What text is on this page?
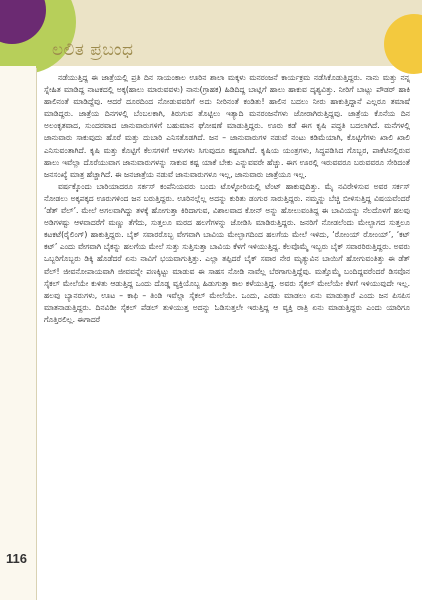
ಲಲಿತ ಪ್ರಬಂಧ
116

ನಡೆಯುತ್ತಿದ್ದ ಈ ಜಾತ್ರೆಯಲ್ಲಿ ಪ್ರತಿ ದಿನ ಸಾಯಂಕಾಲ ಊರಿನ ಶಾಲಾ ಮಕ್ಕಳು ಮನರಂಜನೆ ಕಾರ್ಯಕ್ರಮ ನಡೆಸಿಕೊಡುತ್ತಿದ್ದರು. ನಾನು ಮತ್ತು ನನ್ನ ಸ್ನೇಹಿತ ಮಾಡಿದ್ದ ನಾಟಕದಲ್ಲಿ ಅಕ್ಕ(ಹಾಲು ಮಾರುವವಳು) ನಾನು(ಗ್ರಾಹಕ) ಹಿಡಿದಿದ್ದ ಬಾಟ್ಲಿಗೆ ಹಾಲು ಹಾಕುವ ದೃಶ್ಯವಿತ್ತು. ನೀರಿಗೆ ಬಾಟ್ಲು ಪೌಡರ್ ಹಾಕಿ ಹಾಲಿನಂತೆ ಮಾಡಿದ್ದೆವು. ಆದರೆ ದೂರದಿಂದ ನೋಡುವವರಿಗೆ ಅದು ನೀರಿನಂತೆ ಕಂಡಿತು! ಹಾಲಿನ ಬದಲು ನೀರು ಹಾಕುತ್ತಿದ್ದಾನೆ ಎಲ್ಲರೂ ತಮಾಷೆ ಮಾಡಿದ್ದರು. ಜಾತ್ರೆಯ ದಿನಗಳಲ್ಲಿ ಬೆಂಬಲಕಾಗಿ, ತಿರುಗುವ ತೊಟ್ಟಿಲು ಇತ್ಯಾದಿ ಮನರಂಜನೆಗಳು ಜೋರಾಗಿರುತ್ತಿದ್ದವು. ಜಾತ್ರೆಯ ಕೊನೆಯ ದಿನ ಅಲಂಕೃತವಾದ, ಸುಂದರವಾದ ಜಾನುವಾರುಗಳಿಗೆ ಬಹುಮಾನ ಘೋಷಣೆ ಮಾಡುತ್ತಿದ್ದರು. ಊರು ಕಡೆ ಈಗ ಕೃಷಿ ಪದ್ಧತಿ ಬದಲಾಗಿದೆ. ಮನೆಗಳಲ್ಲಿ ಜಾನುವಾರು ಸಾಕುವುದು ಹೊರೆ ಮತ್ತು ದುಬಾರಿ ಎನಿಸತೊಡಗಿದೆ. ಜನ – ಜಾನುವಾರುಗಳ ನಡುವೆ ನಂಟು ಕಡಿಮೆಯಾಗಿ, ಕೊಟ್ಟಿಗೆಗಳು ಖಾಲಿ ಖಾಲಿ ಎನಿಸುವಂತಾಗಿದೆ. ಕೃಷಿ ಮತ್ತು ಕೊಟ್ಟಿಗೆ ಕೆಲಸಗಳಿಗೆ ಆಳುಗಳು ಸಿಗುವುದೂ ಕಷ್ಟವಾಗಿದೆ. ಕೃಷಿಯ ಯಂತ್ರಗಳು, ಸಿದ್ಧಪಡಿಸಿದ ಗೊಬ್ಬರ, ಪಾಕೆಟಿನಲ್ಲಿರುವ ಹಾಲು ಇವೆಲ್ಲಾ ದೊರೆಯುವಾಗ ಜಾನುವಾರುಗಳನ್ನು ಸಾಕುವ ಕಷ್ಟ ಯಾಕೆ ಬೇಕು ಎನ್ನುವವರೇ ಹೆಚ್ಚು. ಈಗ ಊರಲ್ಲಿ ಇರುವವರೂ ಬರುವವರೂ ಸೇರಿದಂತೆ ಜನಸಂಖ್ಯೆ ಮಾತ್ರ ಹೆಚ್ಚಾಗಿದೆ. ಈ ಜನಜಾತ್ರೆಯ ನಡುವೆ ಜಾನುವಾರುಗಳೂ ಇಲ್ಲ, ಜಾನುವಾರು ಜಾತ್ರೆಯೂ ಇಲ್ಲ.

ವರ್ಷಕ್ಕೊಂದು ಬಾರಿಯಾದರೂ ಸರ್ಕಸ್ ಕಂಪೆನಿಯವರು ಬಂದು ಟೊಳ್ಳೋರಿಯಲ್ಲಿ ಟೆಂಟ್ ಹಾಕುವುದಿತ್ತು. ಮೈ ನವಿರೇಳಿಸುವ ಅವರ ಸರ್ಕಸ್ ನೋಡಲು ಅಕ್ಕಪಕ್ಕದ ಊರುಗಳಿಂದ ಜನ ಬರುತ್ತಿದ್ದರು. ಊರಿನಲ್ಲೆಲ್ಲ ಅದನ್ನು ಕುರಿತು ಡಂಗುರ ಸಾರುತ್ತಿದ್ದರು. ನಮ್ಮನ್ನು ಬೆಚ್ಚಿ ಬೀಳಿಸುತ್ತಿದ್ದ ವಿಷಯವೆಂದರೆ ‘ಡೆತ್ ವೆಲ್’. ಮೇಲೆ ಅಗಲವಾಗಿದ್ದು ತಳಕ್ಕೆ ಹೋಗುತ್ತಾ ಕಿರಿದಾಗುವ, ವಿಶಾಲವಾದ ಕೋನ್ ಅನ್ನು ಹೋಲುವಂತಿದ್ದ ಈ ಬಾವಿಯನ್ನು ನೆಲದೊಳಗೆ ಹಲವು ಅಡಿಗಳಷ್ಟು ಆಳವಾದರೆಗೆ ಮಣ್ಣು ತೆಗೆದು, ಸುತ್ತಲೂ ಮರದ ಹಲಗೆಗಳನ್ನು ಜೋಡಿಸಿ ಮಾಡಿರುತ್ತಿದ್ದರು. ಜನರಿಗೆ ನೋಡಲೆಂದು ಮೇಲ್ಭಾಗದ ಸುತ್ತಲೂ ಕಟಕಟೆ(ರೈಲಿಂಗ್) ಹಾಕುತ್ತಿದ್ದರು. ಬೈಕ್ ಸವಾರರೊಬ್ಬ ವೇಗವಾಗಿ ಬಾವಿಯ ಮೇಲ್ಭಾಗದಿಂದ ಹಲಗೆಯ ಮೇಲೆ ಇಳಿದು, ‘ರೋಂಯ್ ರೋಂಯ್’, ‘ಕಟ್ ಕಟ್’ ಎಂದು ವೇಗವಾಗಿ ಬೈಕನ್ನು ಹಲಗೆಯ ಮೇಲೆ ಸುತ್ತು ಸುತ್ತಿಸುತ್ತಾ ಬಾವಿಯ ಕೆಳಗೆ ಇಳಿಯುತ್ತಿದ್ದ. ಕೆಲವೊಮ್ಮೆ ಇಬ್ಬರು ಬೈಕ್ ಸವಾರರಿರುತ್ತಿದ್ದರು. ಅವರು ಒಬ್ಬರಿಗೊಬ್ಬರು ಡಿಕ್ಕಿ ಹೊಡೆದರೆ ಏನು ನಾವಿಗೆ ಭಯವಾಗುತ್ತಿತ್ತು. ಎಲ್ಲಾ ತಪ್ಪಿದರೆ ಬೈಕ್ ಸವಾರ ನೇರ ಮೃತ್ಯುವಿನ ಬಾಯಿಗೆ ಹೋಗುವಂತಿತ್ತು ಈ ಡೆತ್ ವೆಲ್! ಜೀವನೋಪಾಯವಾಗಿ ಜೀವವನ್ನೇ ಪಣಕ್ಕಿಟ್ಟು ಮಾಡುವ ಈ ಸಾಹಸ ನೋಡಿ ನಾವೆಲ್ಲ ಬೆರಗಾಗುತ್ತಿದ್ದೆವು. ಮತ್ತೊಮ್ಮೆ ಬಂದಿದ್ದವರೆಂದರೆ ಡಿಸವೊನ ಸೈಕಲ್ ಮೇಲೆಯೇ ಕುಳಿತು ಆಡುತ್ತಿದ್ದ ಒಂದು ದೊಡ್ಡ ವ್ಯಕ್ತಿಯೊಬ್ಬ ಹಿಡುಗುತ್ತಾ ಕಾಲ ಕಳೆಯುತ್ತಿದ್ದ. ಅವರು ಸೈಕಲ್ ಮೇಲೆಯೇ ಕೆಳಗೆ ಇಳಿಯುವುದೇ ಇಲ್ಲ. ಹಲವು ಬ್ಯಾನರುಗಳು, ಊಟ – ಕಾಫಿ – ತಿಂಡಿ ಇವೆಲ್ಲಾ ಸೈಕಲ್ ಮೇಲೆಯೇ. ಒಂದು, ಎರಡು ಮಾಡಲು ಏನು ಮಾಡುತ್ತಾರೆ ಎಂದು ಜನ ಪಿಸಪಿಸ ಮಾತನಾಡುತ್ತಿದ್ದರು. ದಿನವಿಡೀ ಸೈಕಲ್ ಪೆಡಲ್ ತುಳಿಯುತ್ತ ಅದನ್ನು ಓಡಿಸುತ್ತಲೇ ಇರುತ್ತಿದ್ದ ಆ ವ್ಯಕ್ತಿ ರಾತ್ರಿ ಏನು ಮಾಡುತ್ತಿದ್ದರು ಎಂದು ಯಾರಿಗೂ ಗೊತ್ತಿರಲಿಲ್ಲ. ಈಗಾದರೆ
